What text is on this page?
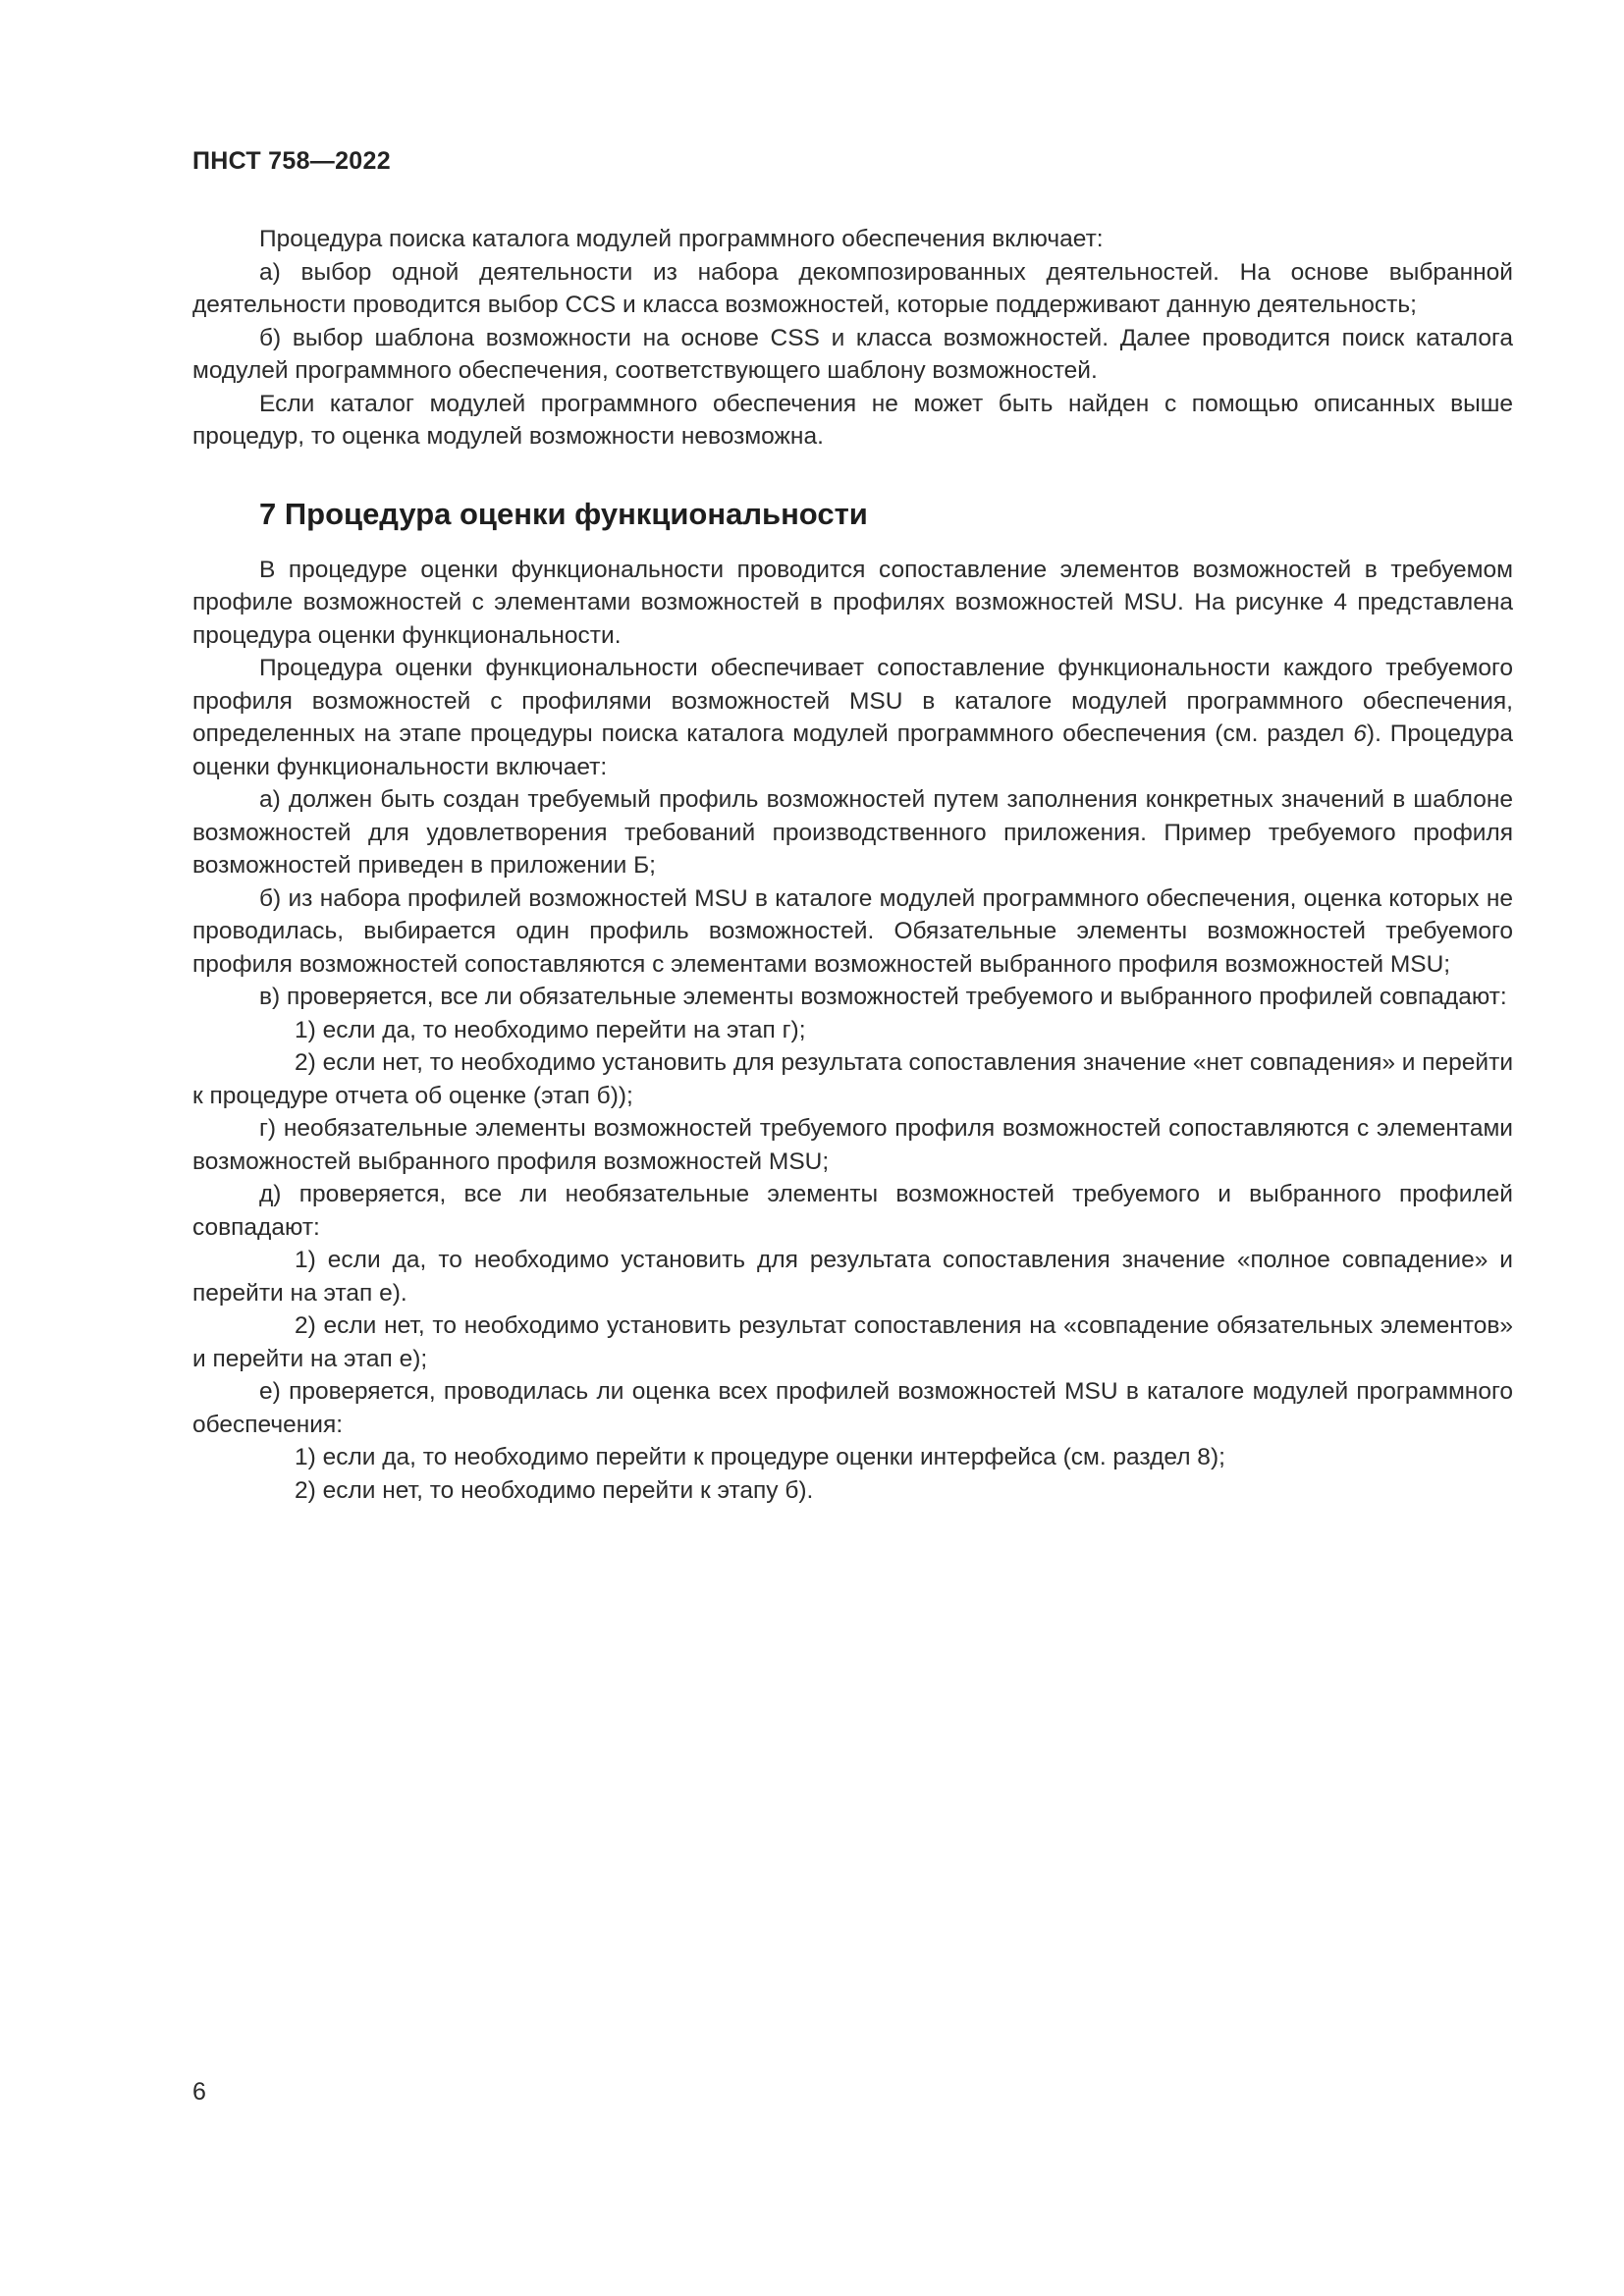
ПНСТ 758—2022

Процедура поиска каталога модулей программного обеспечения включает:

а) выбор одной деятельности из набора декомпозированных деятельностей. На основе выбранной деятельности проводится выбор CCS и класса возможностей, которые поддерживают данную деятельность;

б) выбор шаблона возможности на основе CSS и класса возможностей. Далее проводится поиск каталога модулей программного обеспечения, соответствующего шаблону возможностей.

Если каталог модулей программного обеспечения не может быть найден с помощью описанных выше процедур, то оценка модулей возможности невозможна.

7 Процедура оценки функциональности

В процедуре оценки функциональности проводится сопоставление элементов возможностей в требуемом профиле возможностей с элементами возможностей в профилях возможностей MSU. На рисунке 4 представлена процедура оценки функциональности.

Процедура оценки функциональности обеспечивает сопоставление функциональности каждого требуемого профиля возможностей с профилями возможностей MSU в каталоге модулей программного обеспечения, определенных на этапе процедуры поиска каталога модулей программного обеспечения (см. раздел 6). Процедура оценки функциональности включает:

а) должен быть создан требуемый профиль возможностей путем заполнения конкретных значений в шаблоне возможностей для удовлетворения требований производственного приложения. Пример требуемого профиля возможностей приведен в приложении Б;

б) из набора профилей возможностей MSU в каталоге модулей программного обеспечения, оценка которых не проводилась, выбирается один профиль возможностей. Обязательные элементы возможностей требуемого профиля возможностей сопоставляются с элементами возможностей выбранного профиля возможностей MSU;

в) проверяется, все ли обязательные элементы возможностей требуемого и выбранного профилей совпадают:

1) если да, то необходимо перейти на этап г);

2) если нет, то необходимо установить для результата сопоставления значение «нет совпадения» и перейти к процедуре отчета об оценке (этап б));

г) необязательные элементы возможностей требуемого профиля возможностей сопоставляются с элементами возможностей выбранного профиля возможностей MSU;

д) проверяется, все ли необязательные элементы возможностей требуемого и выбранного профилей совпадают:

1) если да, то необходимо установить для результата сопоставления значение «полное совпадение» и перейти на этап е).

2) если нет, то необходимо установить результат сопоставления на «совпадение обязательных элементов» и перейти на этап е);

е) проверяется, проводилась ли оценка всех профилей возможностей MSU в каталоге модулей программного обеспечения:

1) если да, то необходимо перейти к процедуре оценки интерфейса (см. раздел 8);

2) если нет, то необходимо перейти к этапу б).

6
